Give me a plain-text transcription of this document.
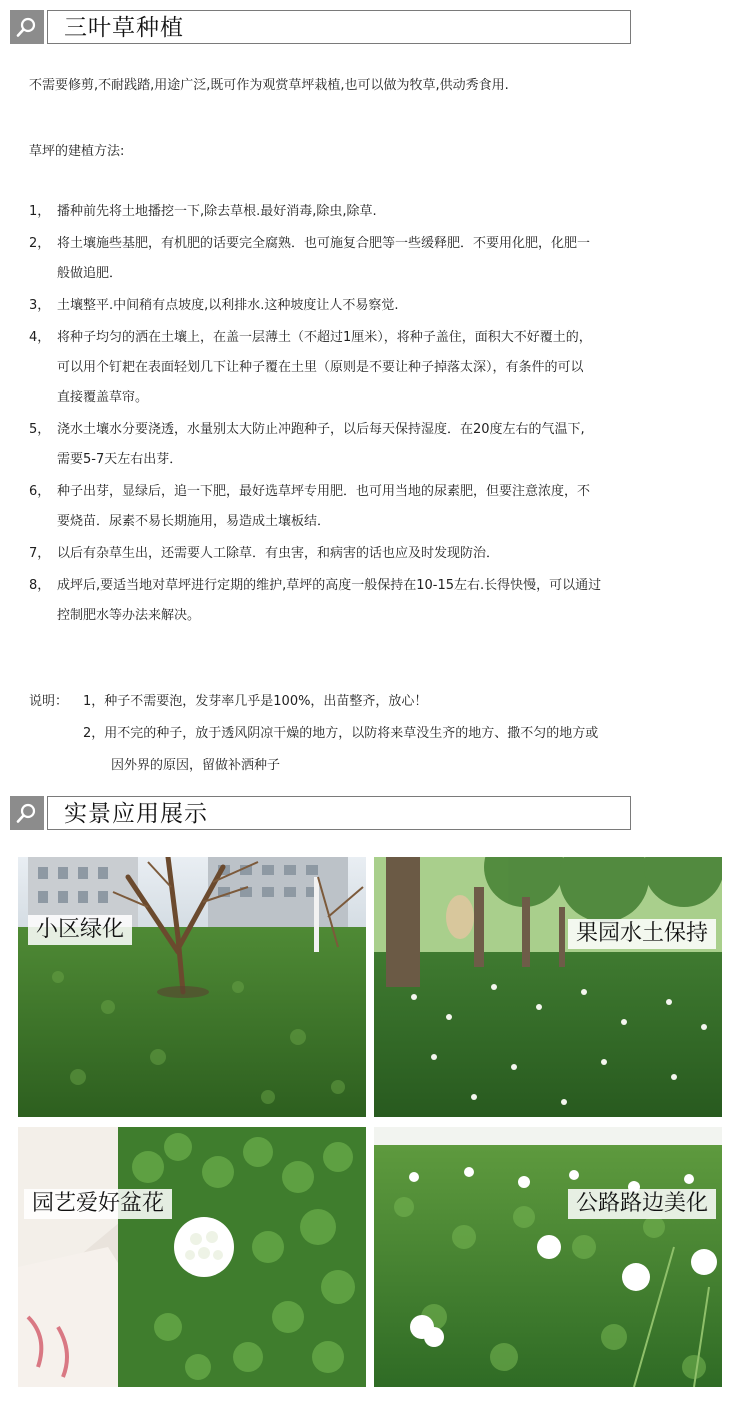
三叶草种植
不需要修剪,不耐践踏,用途广泛,既可作为观赏草坪栽植,也可以做为牧草,供动秀食用.
草坪的建植方法:
1， 播种前先将土地播挖一下,除去草根.最好消毒,除虫,除草.
2， 将土壤施些基肥，有机肥的话要完全腐熟．也可施复合肥等一些缓释肥．不要用化肥，化肥一
般做追肥．
3， 土壤整平.中间稍有点坡度,以利排水.这种坡度让人不易察觉.
4， 将种子均匀的洒在土壤上，在盖一层薄土（不超过1厘米），将种子盖住，面积大不好覆土的，
可以用个钉耙在表面轻划几下让种子覆在土里（原则是不要让种子掉落太深），有条件的可以
直接覆盖草帘。
5， 浇水土壤水分要浇透，水量别太大防止冲跑种子，以后每天保持湿度．在20度左右的气温下,
需要5-7天左右出芽．
6， 种子出芽，显绿后，追一下肥，最好选草坪专用肥．也可用当地的尿素肥，但要注意浓度，不
要烧苗．尿素不易长期施用，易造成土壤板结．
7， 以后有杂草生出，还需要人工除草．有虫害，和病害的话也应及时发现防治．
8， 成坪后,要适当地对草坪进行定期的维护,草坪的高度一般保持在10-15左右.长得快慢，可以通过
控制肥水等办法来解决。
说明： 1，种子不需要泡，发芽率几乎是100%，出苗整齐，放心！
2，用不完的种子，放于透风阴凉干燥的地方，以防将来草没生齐的地方、撒不匀的地方或
因外界的原因，留做补洒种子
实景应用展示
小区绿化	果园水土保持
园艺爱好盆花	公路路边美化
